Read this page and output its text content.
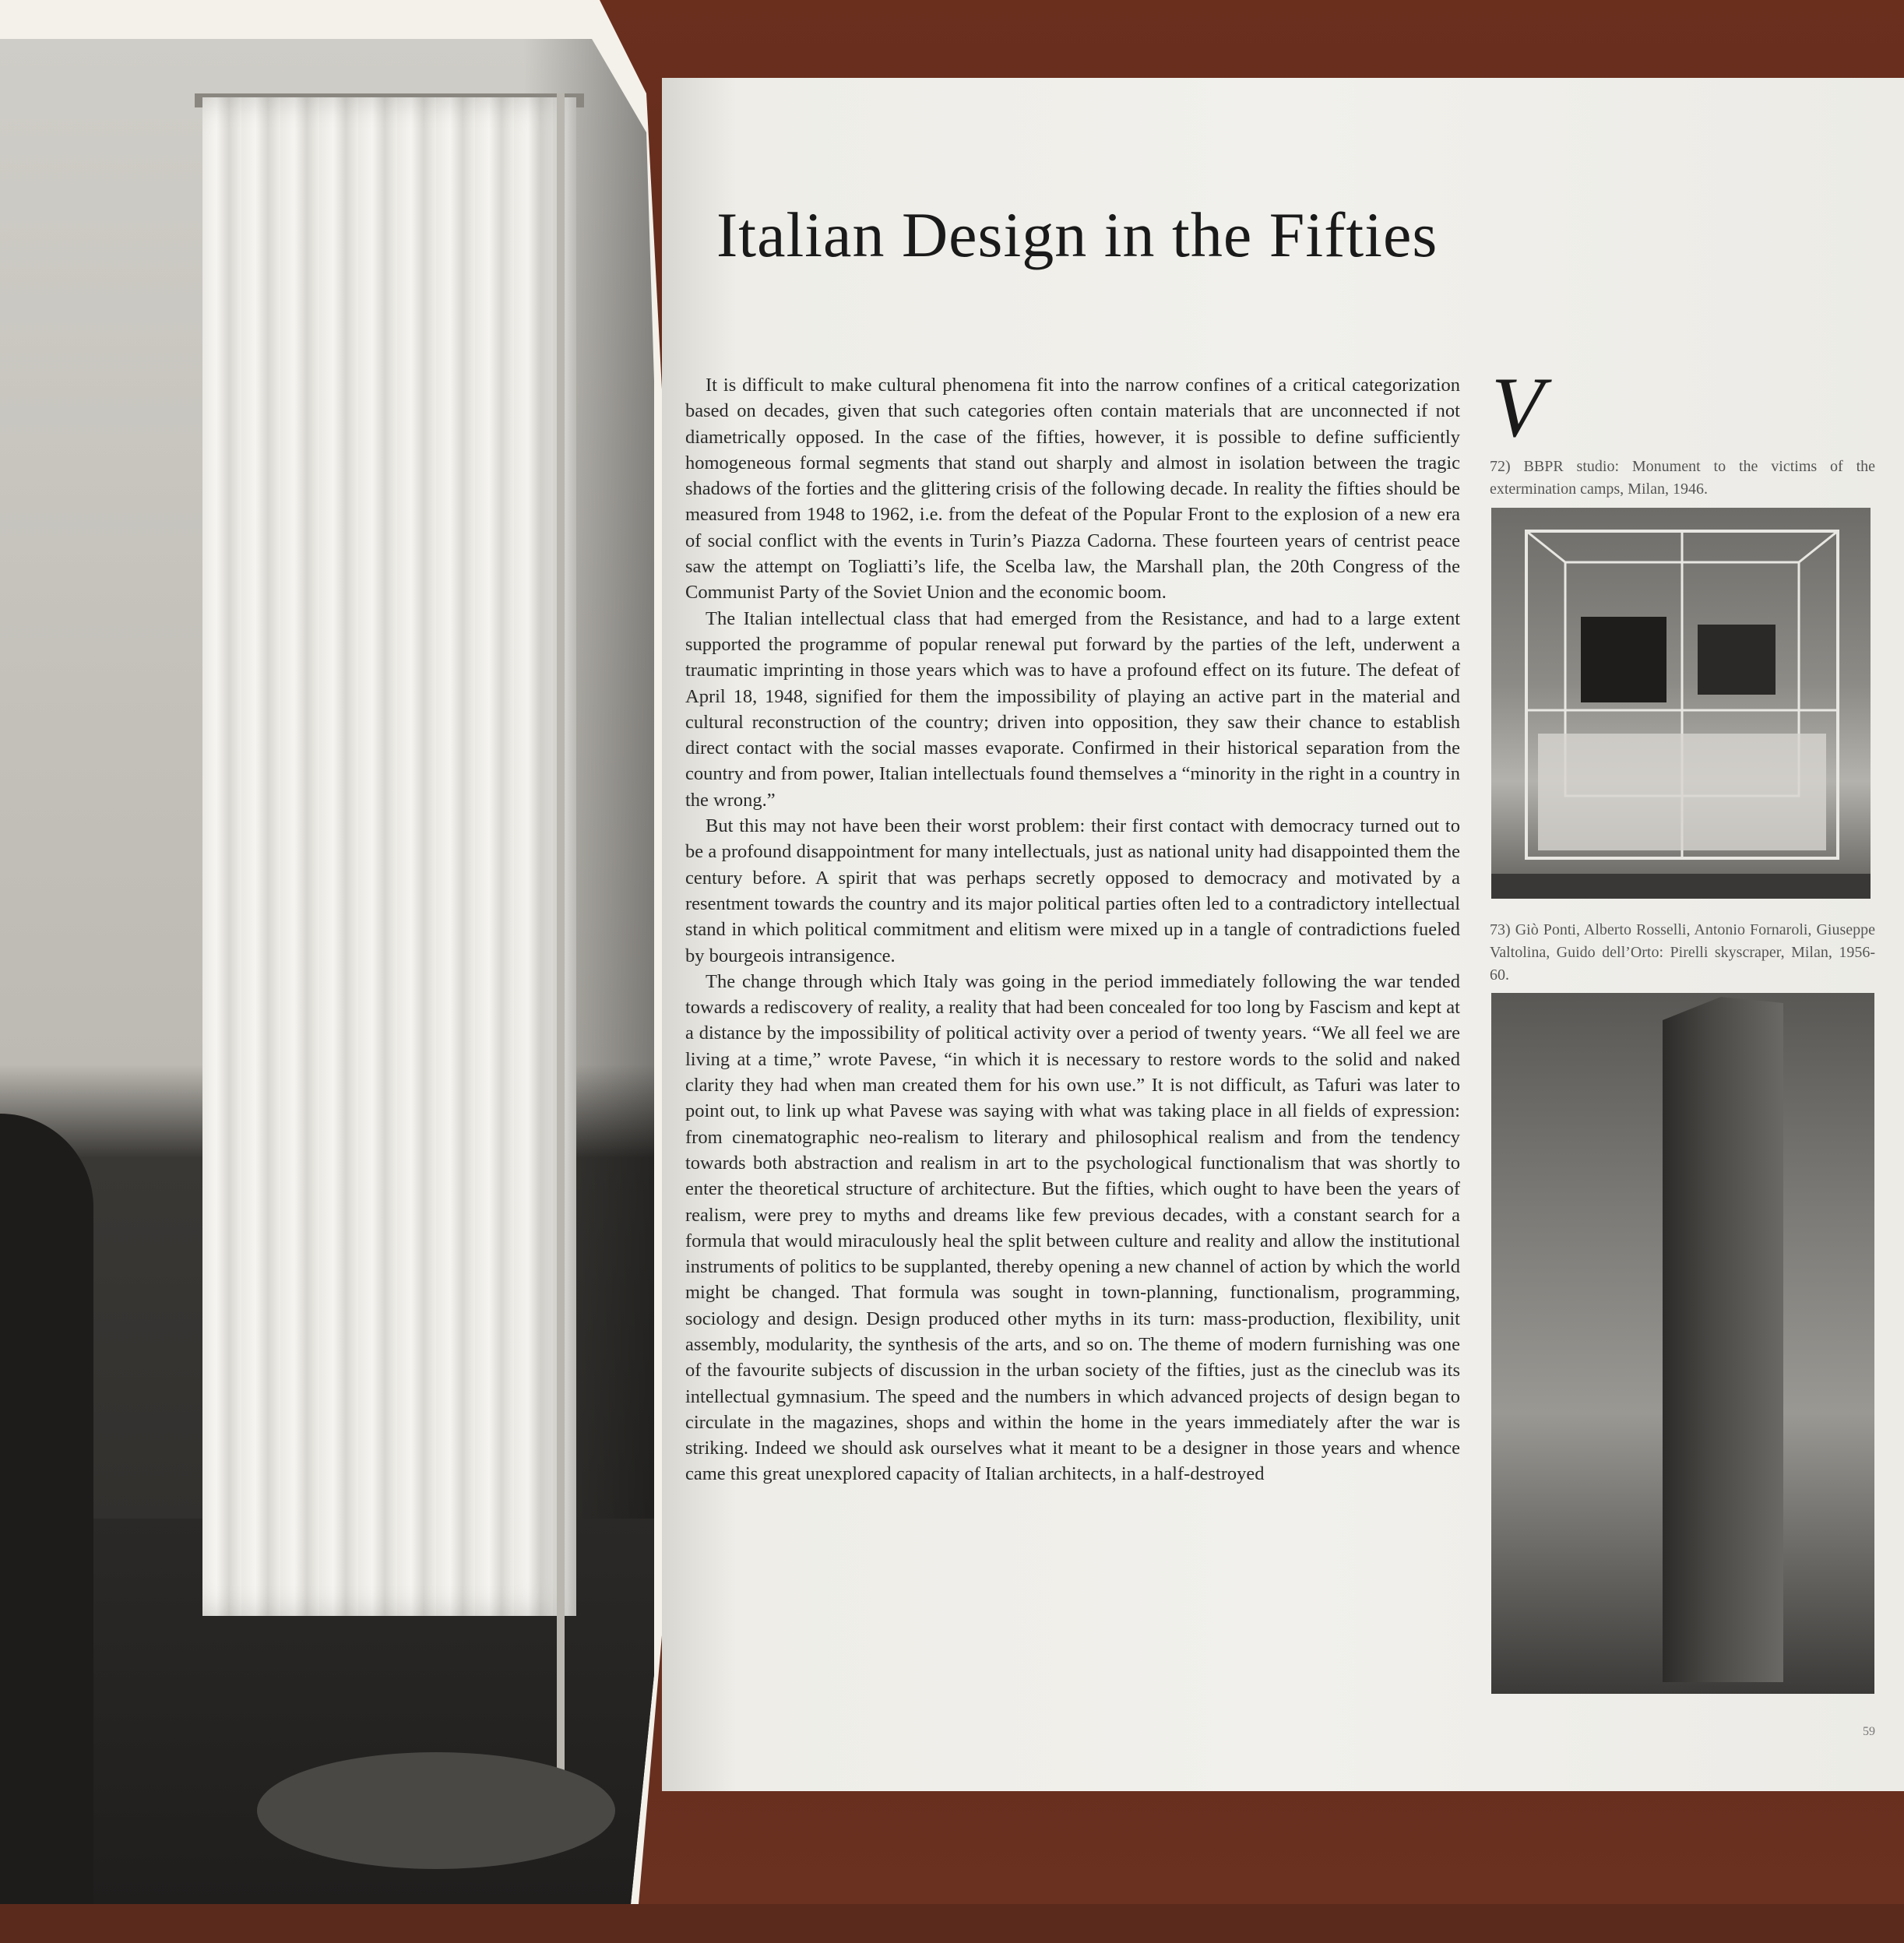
Italian Design in the Fifties

It is difficult to make cultural phenomena fit into the narrow confines of a critical categorization based on decades, given that such categories often contain materials that are unconnected if not diametrically opposed. In the case of the fifties, however, it is possible to define sufficiently homogeneous formal segments that stand out sharply and almost in isolation between the tragic shadows of the forties and the glittering crisis of the following decade. In reality the fifties should be measured from 1948 to 1962, i.e. from the defeat of the Popular Front to the explosion of a new era of social conflict with the events in Turin’s Piazza Cadorna. These fourteen years of centrist peace saw the attempt on Togliatti’s life, the Scelba law, the Marshall plan, the 20th Congress of the Communist Party of the Soviet Union and the economic boom.

The Italian intellectual class that had emerged from the Resistance, and had to a large extent supported the programme of popular renewal put forward by the parties of the left, underwent a traumatic imprinting in those years which was to have a profound effect on its future. The defeat of April 18, 1948, signified for them the impossibility of playing an active part in the material and cultural reconstruction of the country; driven into opposition, they saw their chance to establish direct contact with the social masses evaporate. Confirmed in their historical separation from the country and from power, Italian intellectuals found themselves a “minority in the right in a country in the wrong.”

But this may not have been their worst problem: their first contact with democracy turned out to be a profound disappointment for many intellectuals, just as national unity had disappointed them the century before. A spirit that was perhaps secretly opposed to democracy and motivated by a resentment towards the country and its major political parties often led to a contradictory intellectual stand in which political commitment and elitism were mixed up in a tangle of contradictions fueled by bourgeois intransigence.

The change through which Italy was going in the period immediately following the war tended towards a rediscovery of reality, a reality that had been concealed for too long by Fascism and kept at a distance by the impossibility of political activity over a period of twenty years. “We all feel we are living at a time,” wrote Pavese, “in which it is necessary to restore words to the solid and naked clarity they had when man created them for his own use.” It is not difficult, as Tafuri was later to point out, to link up what Pavese was saying with what was taking place in all fields of expression: from cinematographic neo-realism to literary and philosophical realism and from the tendency towards both abstraction and realism in art to the psychological functionalism that was shortly to enter the theoretical structure of architecture. But the fifties, which ought to have been the years of realism, were prey to myths and dreams like few previous decades, with a constant search for a formula that would miraculously heal the split between culture and reality and allow the institutional instruments of politics to be supplanted, thereby opening a new channel of action by which the world might be changed. That formula was sought in town-planning, functionalism, programming, sociology and design. Design produced other myths in its turn: mass-production, flexibility, unit assembly, modularity, the synthesis of the arts, and so on. The theme of modern furnishing was one of the favourite subjects of discussion in the urban society of the fifties, just as the cineclub was its intellectual gymnasium. The speed and the numbers in which advanced projects of design began to circulate in the magazines, shops and within the home in the years immediately after the war is striking. Indeed we should ask ourselves what it meant to be a designer in those years and whence came this great unexplored capacity of Italian architects, in a half-destroyed

V
72) BBPR studio: Monument to the victims of the extermination camps, Milan, 1946.
73) Giò Ponti, Alberto Rosselli, Antonio Fornaroli, Giuseppe Valtolina, Guido dell’Orto: Pirelli skyscraper, Milan, 1956-60.
59
